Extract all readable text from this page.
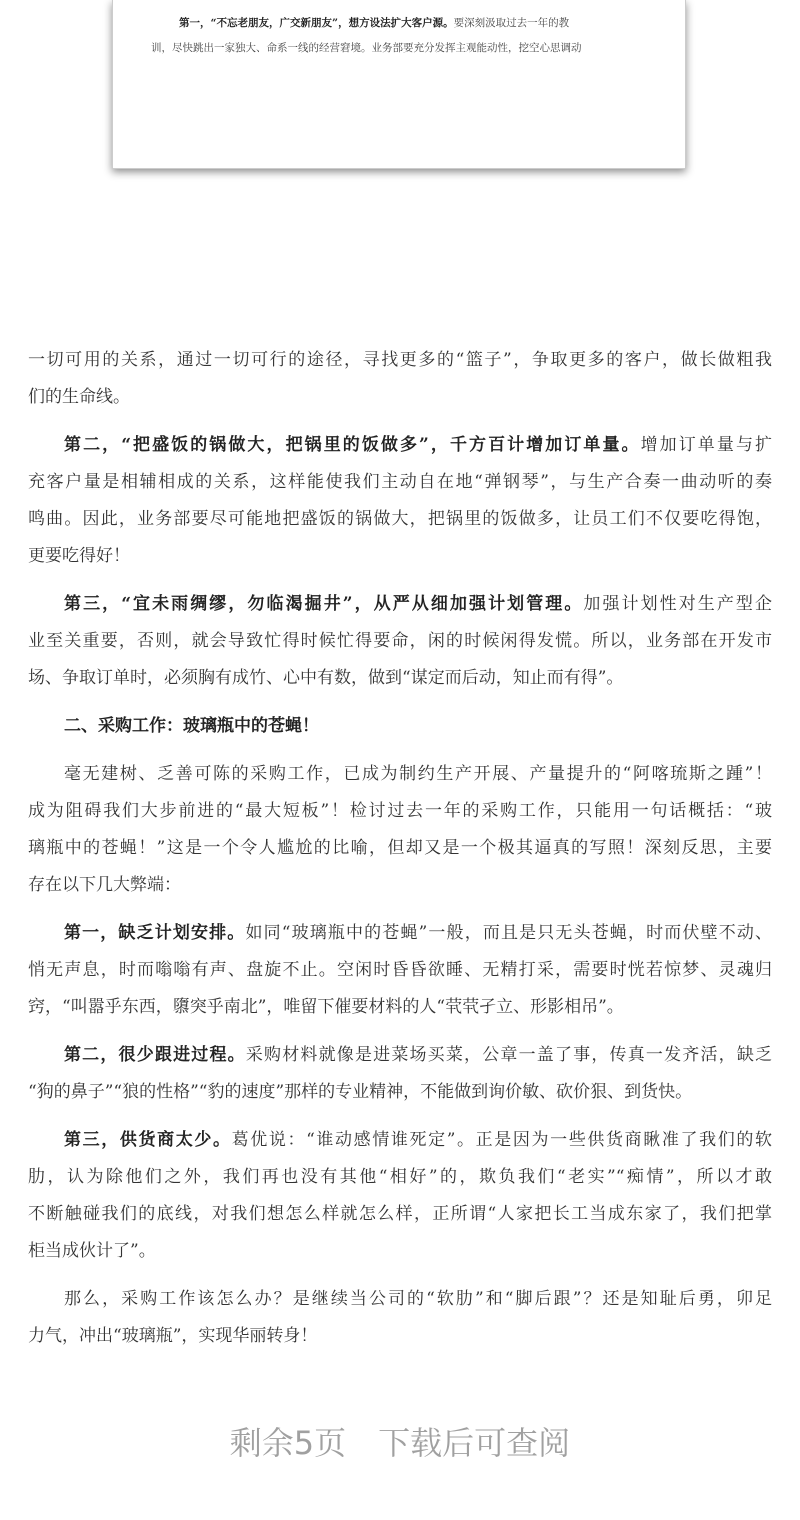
第一，“不忘老朋友，广交新朋友”，想方设法扩大客户源。要深刻汲取过去一年的教
训，尽快跳出一家独大、命系一线的经营窘境。业务部要充分发挥主观能动性，挖空心思调动
一切可用的关系，通过一切可行的途径，寻找更多的“篮子”，争取更多的客户，做长做粗我
们的生命线。
第二，“把盛饭的锅做大，把锅里的饭做多”，千方百计增加订单量。增加订单量与扩
充客户量是相辅相成的关系，这样能使我们主动自在地“弹钢琴”，与生产合奏一曲动听的奏
鸣曲。因此，业务部要尽可能地把盛饭的锅做大，把锅里的饭做多，让员工们不仅要吃得饱，
更要吃得好！
第三，“宜未雨绸缪，勿临渴掘井”，从严从细加强计划管理。加强计划性对生产型企
业至关重要，否则，就会导致忙得时候忙得要命，闲的时候闲得发慌。所以，业务部在开发市
场、争取订单时，必须胸有成竹、心中有数，做到“谋定而后动，知止而有得”。
二、采购工作：玻璃瓶中的苍蝇！
毫无建树、乏善可陈的采购工作，已成为制约生产开展、产量提升的“阿喀琉斯之踵”！
成为阻碍我们大步前进的“最大短板”！检讨过去一年的采购工作，只能用一句话概括：“玻
璃瓶中的苍蝇！”这是一个令人尴尬的比喻，但却又是一个极其逼真的写照！深刻反思，主要
存在以下几大弊端：
第一，缺乏计划安排。如同“玻璃瓶中的苍蝇”一般，而且是只无头苍蝇，时而伏壁不动、
悄无声息，时而嗡嗡有声、盘旋不止。空闲时昏昏欲睡、无精打采，需要时恍若惊梦、灵魂归
窍，“叫嚣乎东西，隳突乎南北”，唯留下催要材料的人“茕茕孑立、形影相吊”。
第二，很少跟进过程。采购材料就像是进菜场买菜，公章一盖了事，传真一发齐活，缺乏
“狗的鼻子”“狼的性格”“豹的速度”那样的专业精神，不能做到询价敏、砍价狠、到货快。
第三，供货商太少。葛优说：“谁动感情谁死定”。正是因为一些供货商瞅准了我们的软
肋，认为除他们之外，我们再也没有其他“相好”的，欺负我们“老实”“痴情”，所以才敢
不断触碰我们的底线，对我们想怎么样就怎么样，正所谓“人家把长工当成东家了，我们把掌
柜当成伙计了”。
那么，采购工作该怎么办？是继续当公司的“软肋”和“脚后跟”？还是知耻后勇，卯足
力气，冲出“玻璃瓶”，实现华丽转身！
剩余5页 下载后可查阅
